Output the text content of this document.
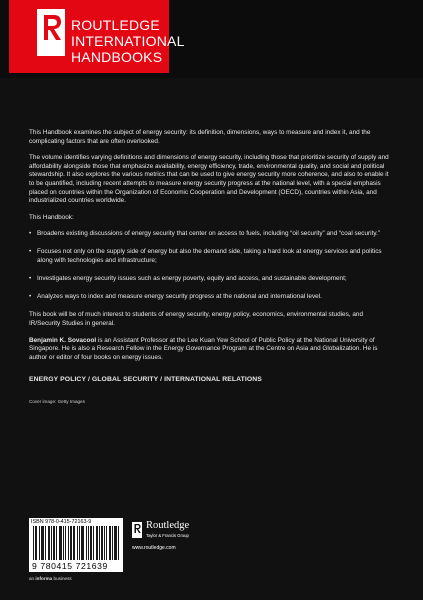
ROUTLEDGE
INTERNATIONAL
HANDBOOKS

This Handbook examines the subject of energy security: its definition, dimensions, ways to measure and index it, and the complicating factors that are often overlooked.

The volume identifies varying definitions and dimensions of energy security, including those that prioritize security of supply and affordability alongside those that emphasize availability, energy efficiency, trade, environmental quality, and social and political stewardship. It also explores the various metrics that can be used to give energy security more coherence, and also to enable it to be quantified, including recent attempts to measure energy security progress at the national level, with a special emphasis placed on countries within the Organization of Economic Cooperation and Development (OECD), countries within Asia, and industrialized countries worldwide.

This Handbook:

• Broadens existing discussions of energy security that center on access to fuels, including “oil security” and “coal security.”
• Focuses not only on the supply side of energy but also the demand side, taking a hard look at energy services and politics along with technologies and infrastructure;
• Investigates energy security issues such as energy poverty, equity and access, and sustainable development;
• Analyzes ways to index and measure energy security progress at the national and international level.

This book will be of much interest to students of energy security, energy policy, economics, environmental studies, and IR/Security Studies in general.

Benjamin K. Sovacool is an Assistant Professor at the Lee Kuan Yew School of Public Policy at the National University of Singapore. He is also a Research Fellow in the Energy Governance Program at the Centre on Asia and Globalization. He is author or editor of four books on energy issues.

ENERGY POLICY / GLOBAL SECURITY / INTERNATIONAL RELATIONS

Cover image: Getty Images

ISBN 978-0-415-72163-9
9 780415 721639
Routledge
Taylor & Francis Group
www.routledge.com
an informa business
